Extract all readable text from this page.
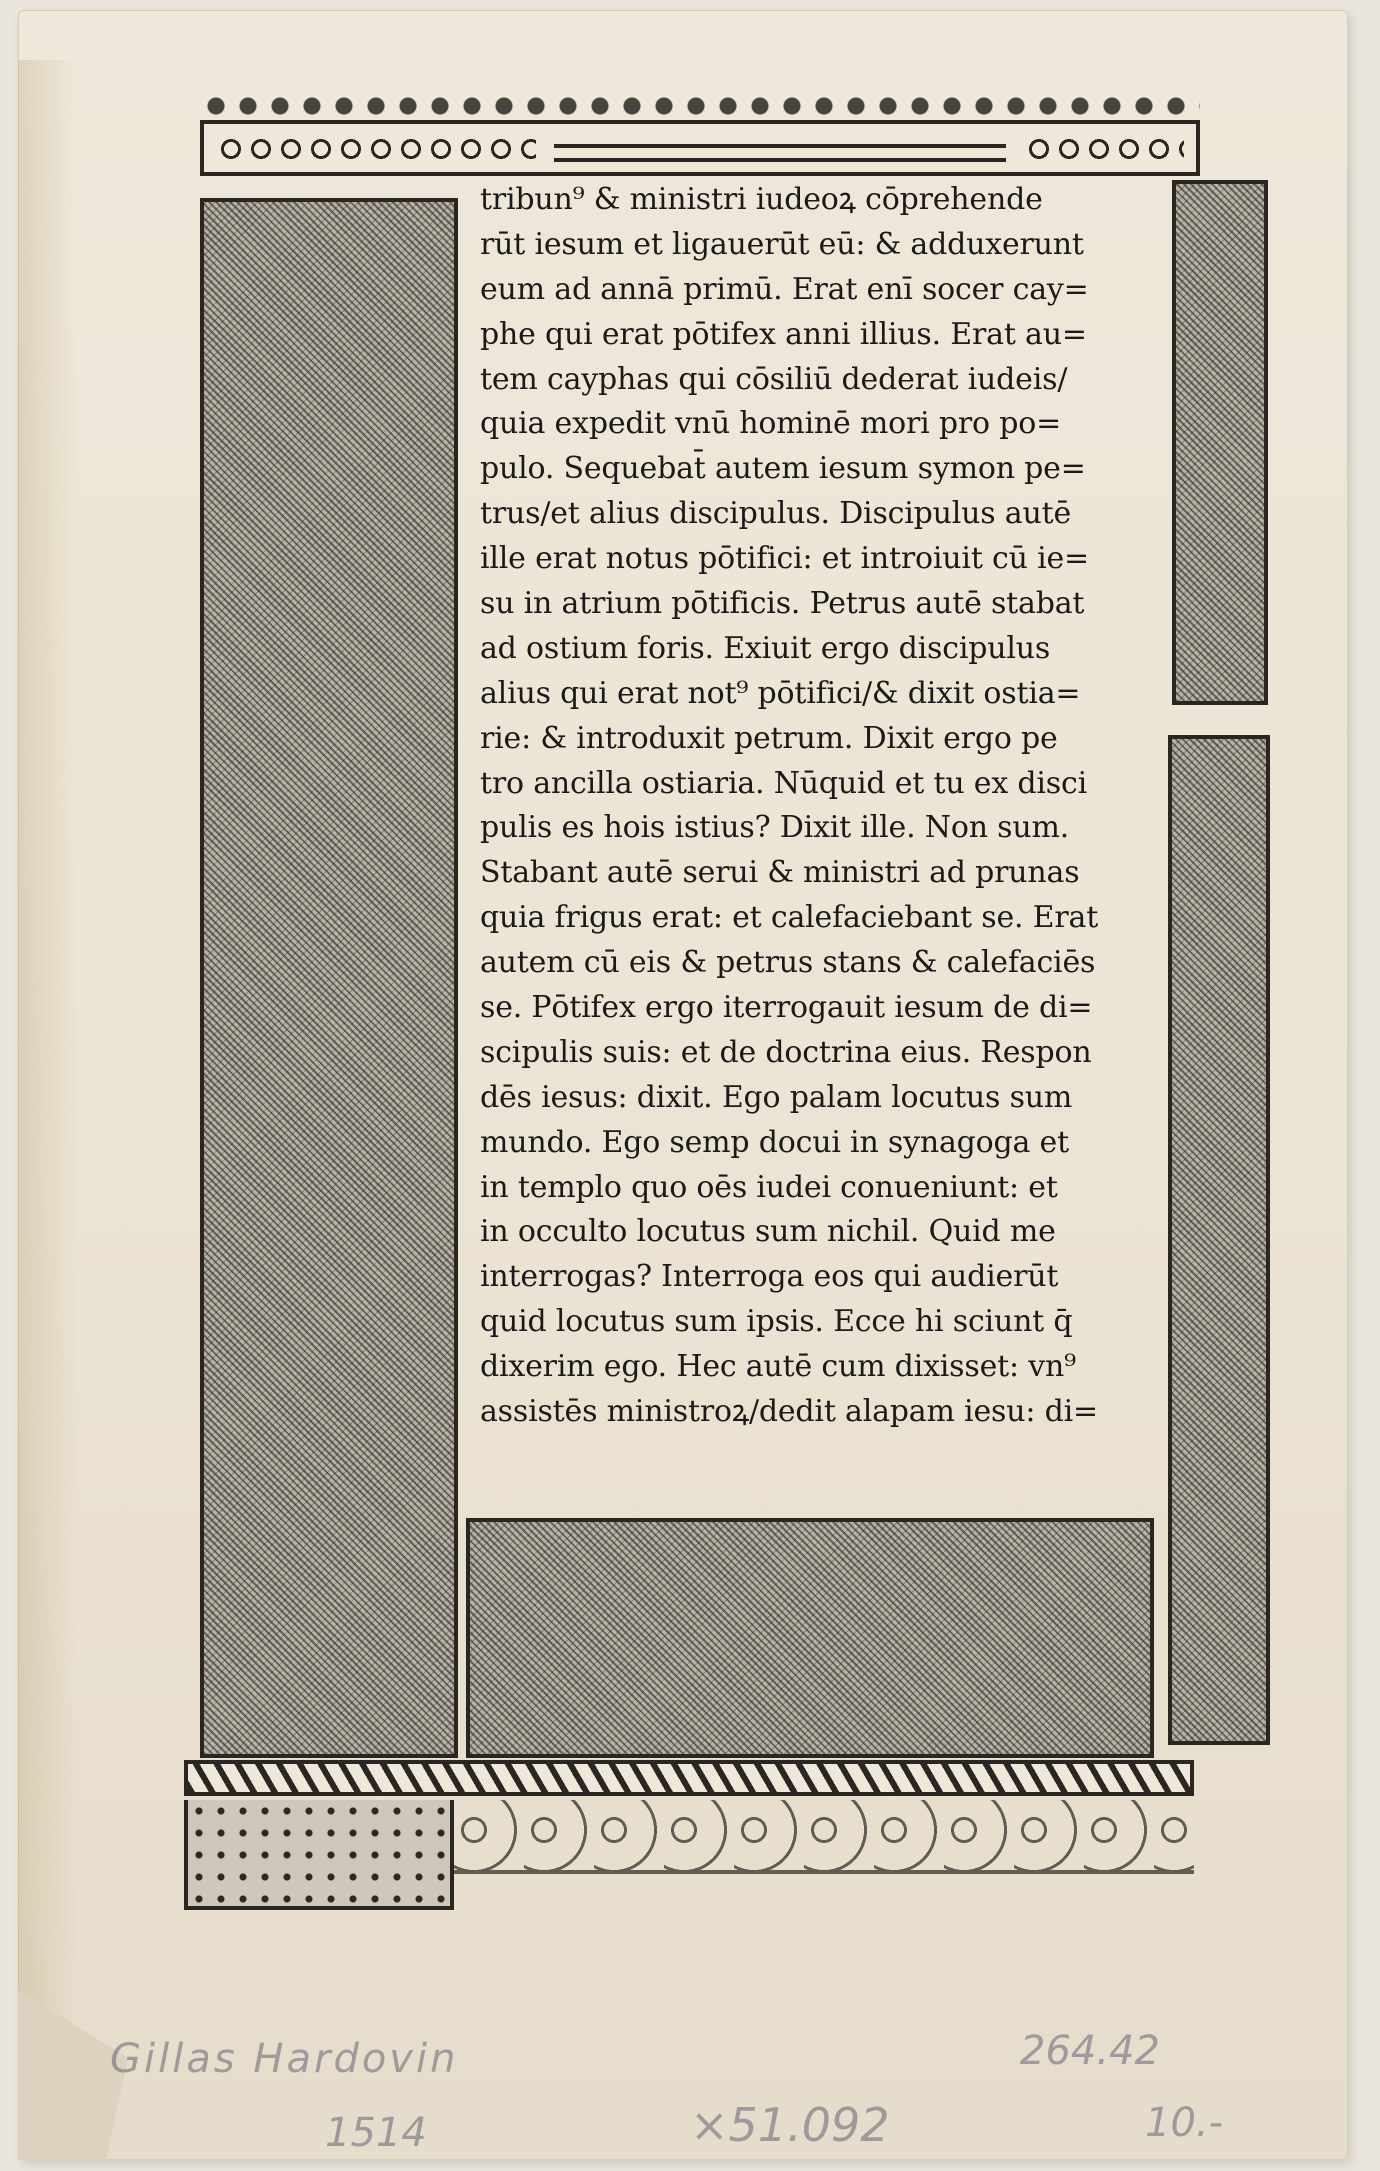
tribun⁹ & ministri iudeoꝝ cōprehende
rūt iesum et ligauerūt eū: & adduxerunt
eum ad annā primū. Erat enī socer cay=
phe qui erat pōtifex anni illius. Erat au=
tem cayphas qui cōsiliū dederat iudeis/
quia expedit vnū hominē mori pro po=
pulo. Sequebat̄ autem iesum symon pe=
trus/et alius discipulus. Discipulus autē
ille erat notus pōtifici: et introiuit cū ie=
su in atrium pōtificis. Petrus autē stabat
ad ostium foris. Exiuit ergo discipulus
alius qui erat not⁹ pōtifici/& dixit ostia=
rie: & introduxit petrum. Dixit ergo pe
tro ancilla ostiaria. Nūquid et tu ex disci
pulis es hois istius? Dixit ille. Non sum.
Stabant autē serui & ministri ad prunas
quia frigus erat: et calefaciebant se. Erat
autem cū eis & petrus stans & calefaciēs
se. Pōtifex ergo iterrogauit iesum de di=
scipulis suis: et de doctrina eius. Respon
dēs iesus: dixit. Ego palam locutus sum
mundo. Ego semp docui in synagoga et
in templo quo oēs iudei conueniunt: et
in occulto locutus sum nichil. Quid me
interrogas? Interroga eos qui audierūt
quid locutus sum ipsis. Ecce hi sciunt q̄
dixerim ego. Hec autē cum dixisset: vn⁹
assistēs ministroꝝ/dedit alapam iesu: di=
Gillas Hardovin
1514	×51.092
264.42
10.-
